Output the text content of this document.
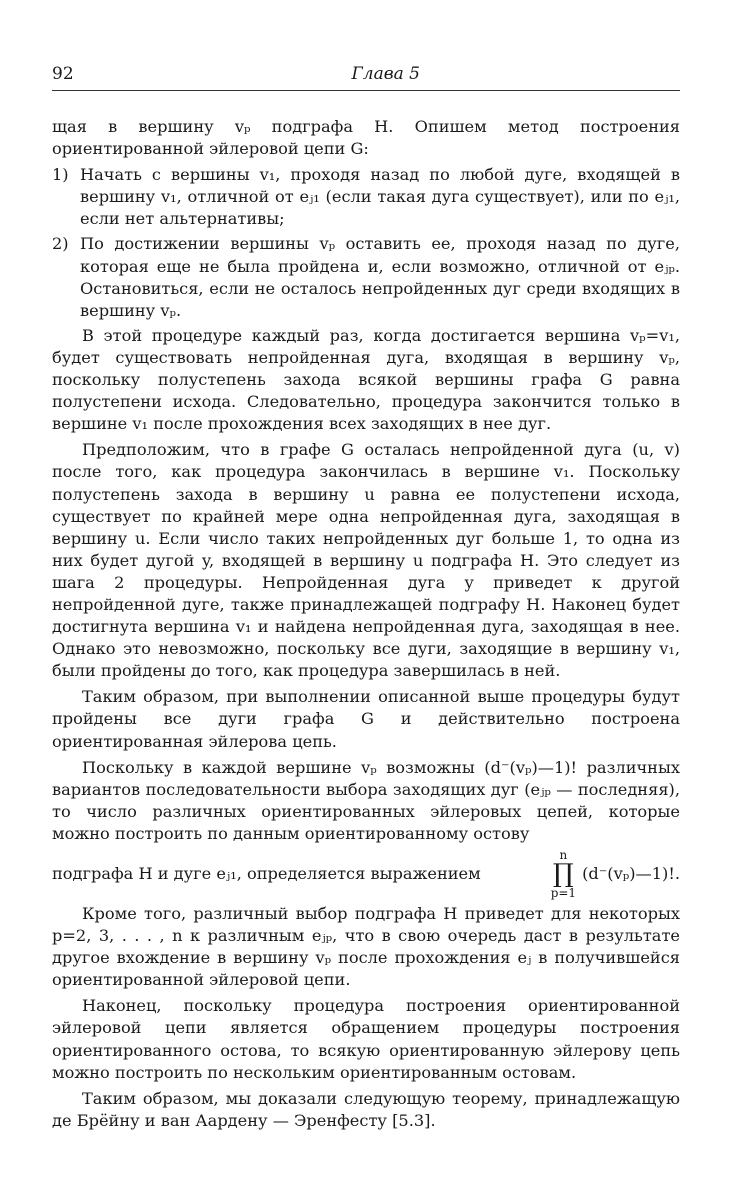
92	Глава 5

щая в вершину vₚ подграфа H. Опишем метод построения ориентированной эйлеровой цепи G:

1) Начать с вершины v₁, проходя назад по любой дуге, входящей в вершину v₁, отличной от eⱼ₁ (если такая дуга существует), или по eⱼ₁, если нет альтернативы;
2) По достижении вершины vₚ оставить ее, проходя назад по дуге, которая еще не была пройдена и, если возможно, отличной от eⱼₚ. Остановиться, если не осталось непройденных дуг среди входящих в вершину vₚ.

В этой процедуре каждый раз, когда достигается вершина vₚ=v₁, будет существовать непройденная дуга, входящая в вершину vₚ, поскольку полустепень захода всякой вершины графа G равна полустепени исхода. Следовательно, процедура закончится только в вершине v₁ после прохождения всех заходящих в нее дуг.

Предположим, что в графе G осталась непройденной дуга (u, v) после того, как процедура закончилась в вершине v₁. Поскольку полустепень захода в вершину u равна ее полустепени исхода, существует по крайней мере одна непройденная дуга, заходящая в вершину u. Если число таких непройденных дуг больше 1, то одна из них будет дугой y, входящей в вершину u подграфа H. Это следует из шага 2 процедуры. Непройденная дуга y приведет к другой непройденной дуге, также принадлежащей подграфу H. Наконец будет достигнута вершина v₁ и найдена непройденная дуга, заходящая в нее. Однако это невозможно, поскольку все дуги, заходящие в вершину v₁, были пройдены до того, как процедура завершилась в ней.

Таким образом, при выполнении описанной выше процедуры будут пройдены все дуги графа G и действительно построена ориентированная эйлерова цепь.

Поскольку в каждой вершине vₚ возможны (d⁻(vₚ)—1)! различных вариантов последовательности выбора заходящих дуг (eⱼₚ — последняя), то число различных ориентированных эйлеровых цепей, которые можно построить по данным ориентированному остову

подграфа H и дуге eⱼ₁, определяется выражением
n
∏
p=1
(d⁻(vₚ)—1)!.

Кроме того, различный выбор подграфа H приведет для некоторых p=2, 3, . . . , n к различным eⱼₚ, что в свою очередь даст в результате другое вхождение в вершину vₚ после прохождения eⱼ в получившейся ориентированной эйлеровой цепи.

Наконец, поскольку процедура построения ориентированной эйлеровой цепи является обращением процедуры построения ориентированного остова, то всякую ориентированную эйлерову цепь можно построить по нескольким ориентированным остовам.

Таким образом, мы доказали следующую теорему, принадлежащую де Брёйну и ван Аардену — Эренфесту [5.3].
